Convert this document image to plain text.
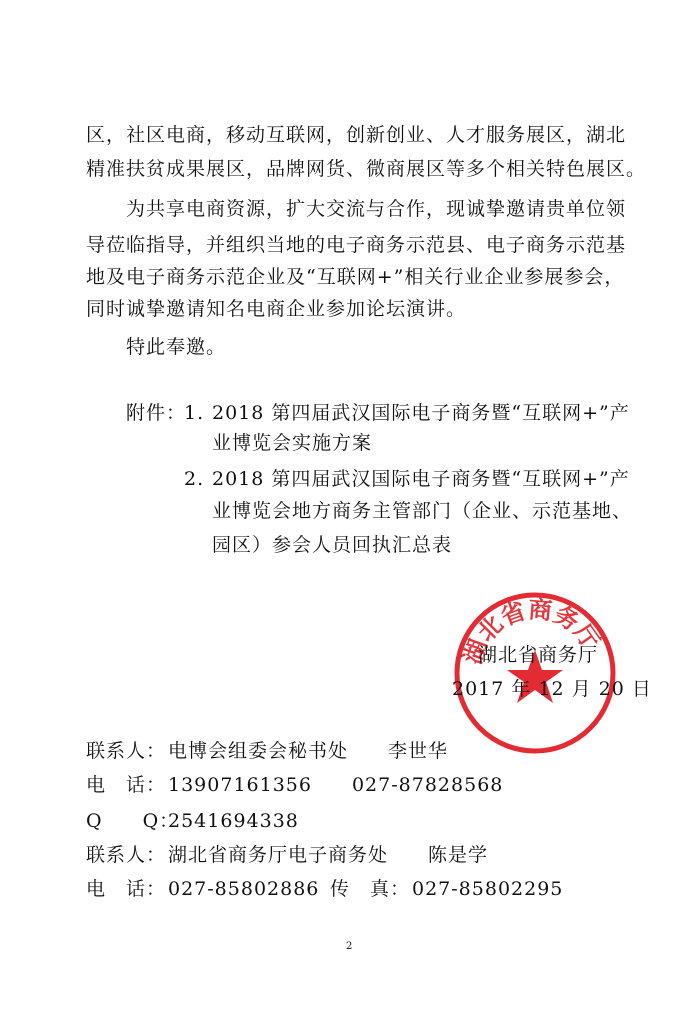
区，社区电商，移动互联网，创新创业、人才服务展区，湖北
精准扶贫成果展区，品牌网货、微商展区等多个相关特色展区。
为共享电商资源，扩大交流与合作，现诚挚邀请贵单位领
导莅临指导，并组织当地的电子商务示范县、电子商务示范基
地及电子商务示范企业及“互联网+”相关行业企业参展参会，
同时诚挚邀请知名电商企业参加论坛演讲。
特此奉邀。
附件：
1. 2018 第四届武汉国际电子商务暨“互联网+”产
业博览会实施方案
2. 2018 第四届武汉国际电子商务暨“互联网+”产
业博览会地方商务主管部门（企业、示范基地、
园区）参会人员回执汇总表
湖北省商务厅
湖北省商务厅
2017 年 12 月 20 日
联系人： 电博会组委会秘书处　　李世华
电　话： 13907161356　　027-87828568
Q　　Q：
2541694338
联系人： 湖北省商务厅电子商务处　　陈是学
电　话： 027-85802886 传　真： 027-85802295
2
